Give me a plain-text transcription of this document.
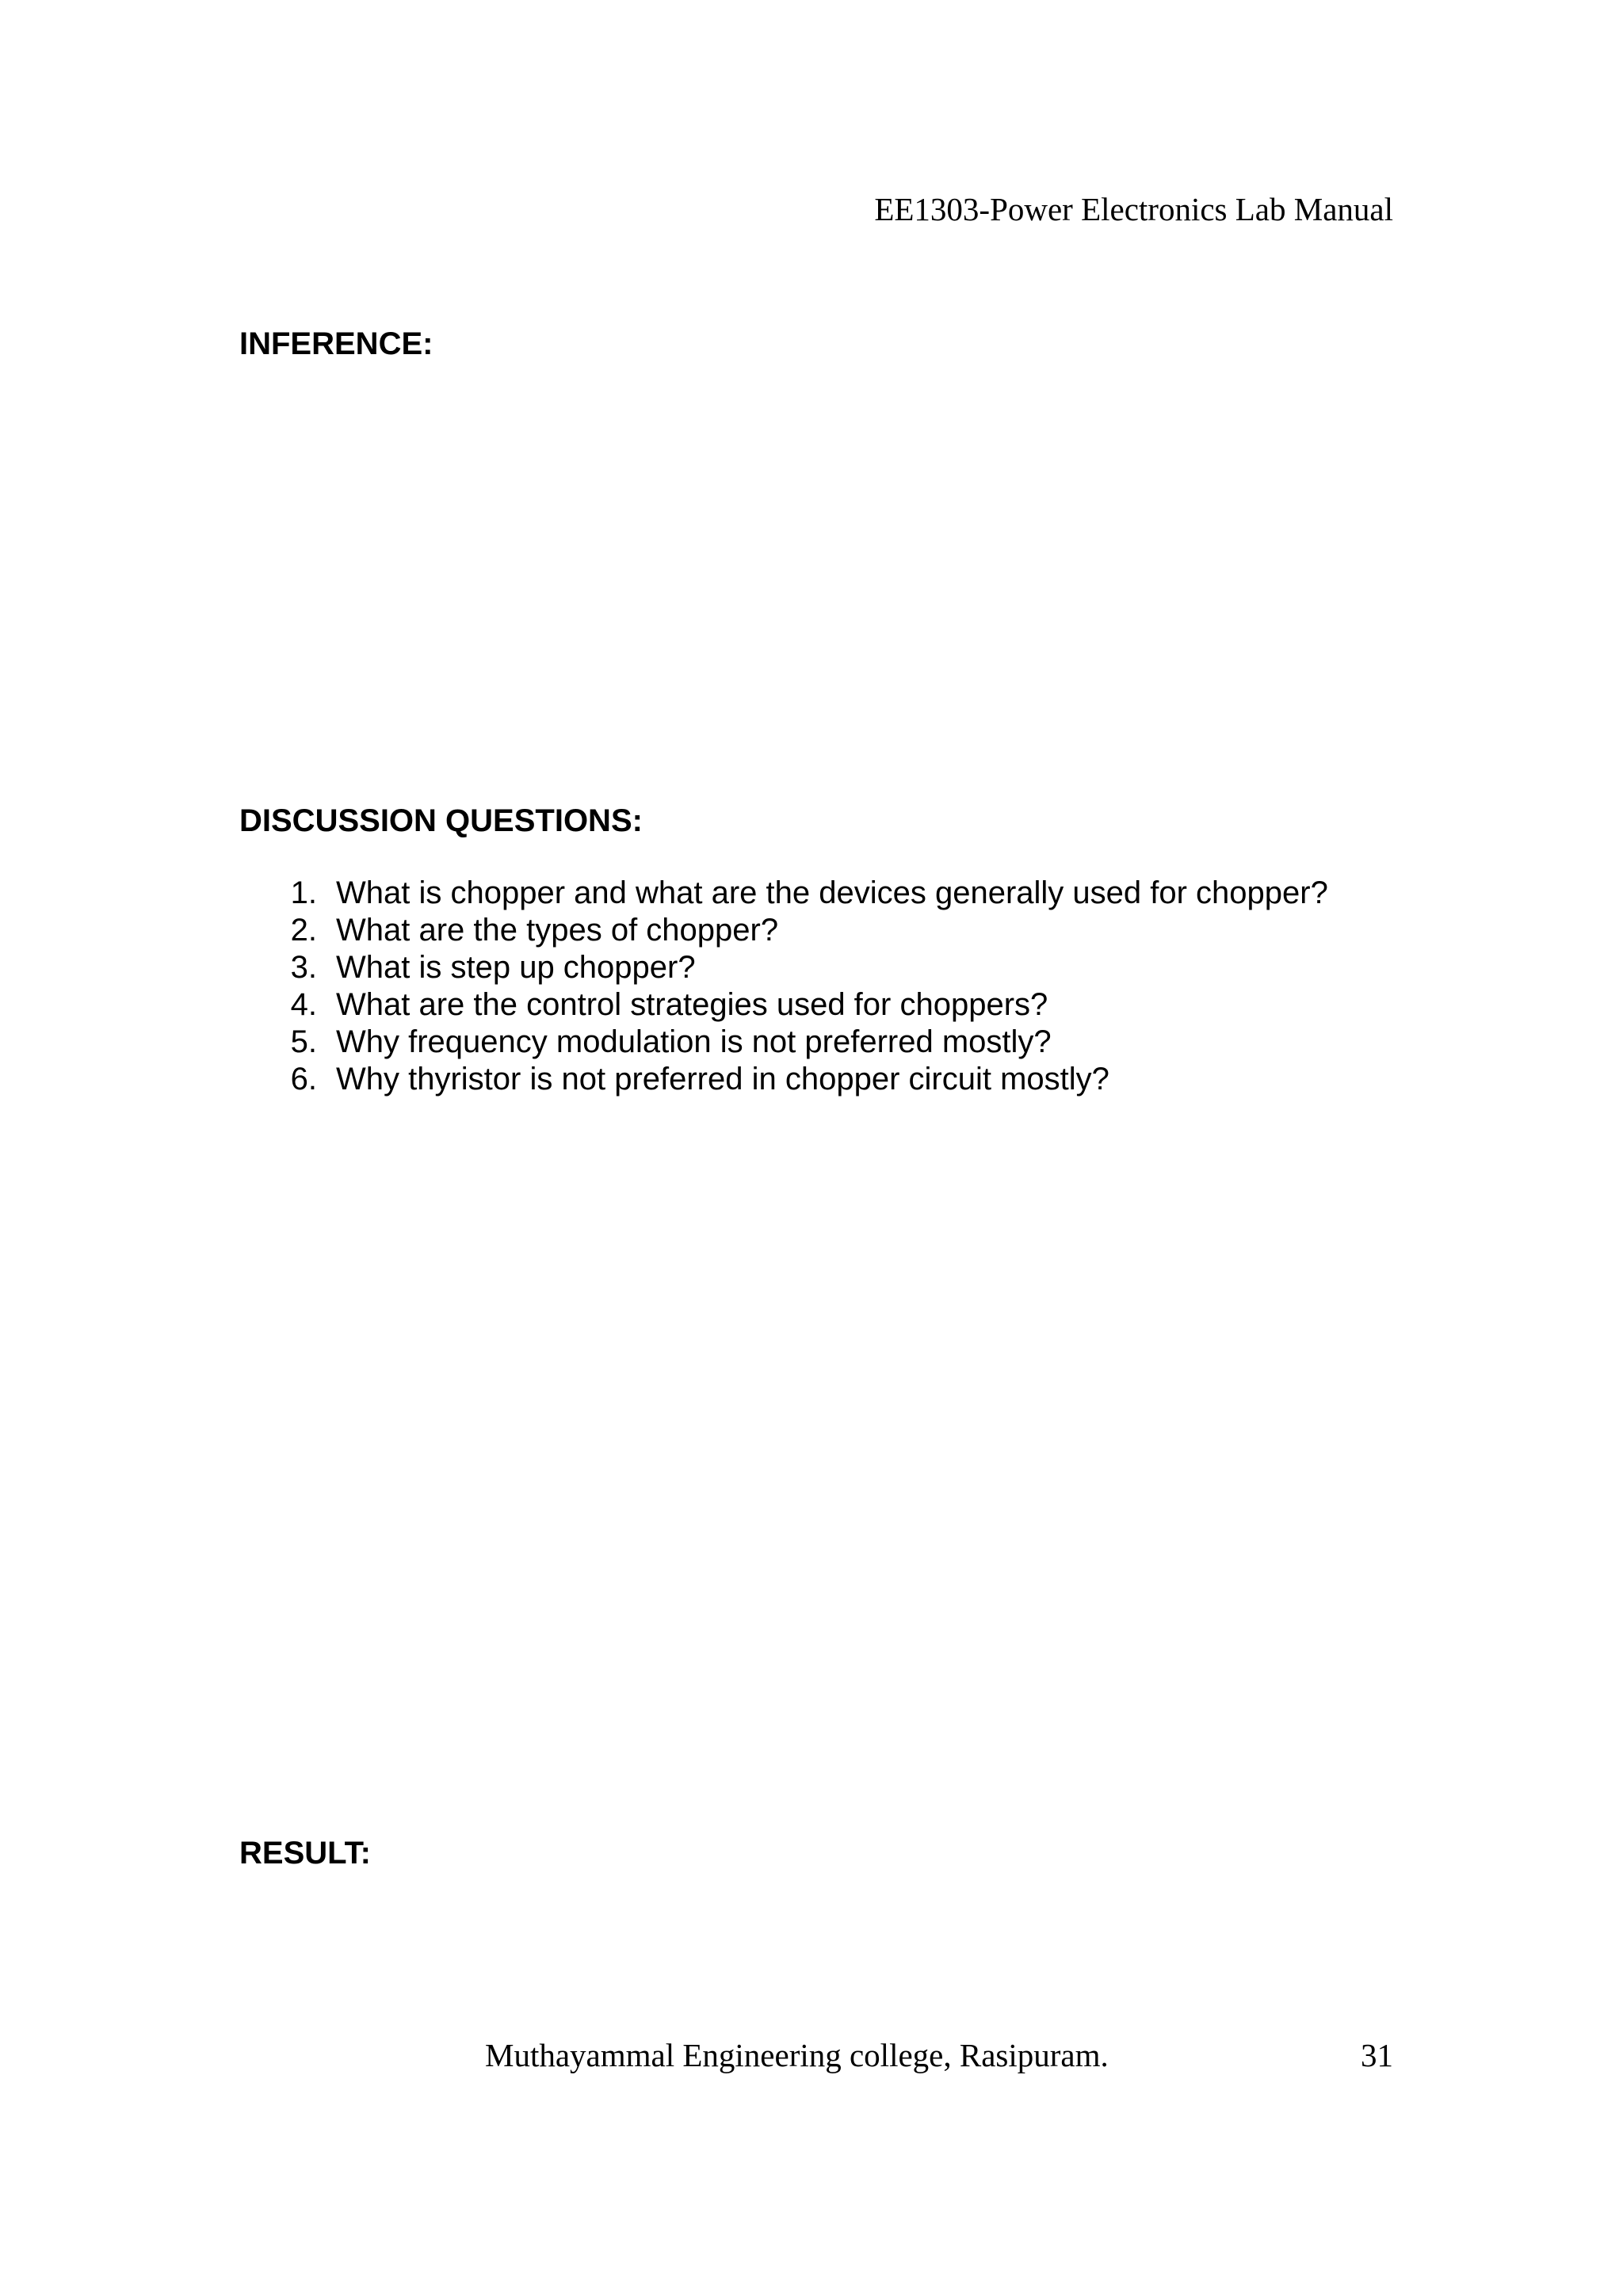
EE1303-Power Electronics Lab Manual
INFERENCE:
DISCUSSION QUESTIONS:
1. What is chopper and what are the devices generally used for chopper?
2. What are the types of chopper?
3. What is step up chopper?
4. What are the control strategies used for choppers?
5. Why frequency modulation is not preferred mostly?
6. Why thyristor is not preferred in chopper circuit mostly?
RESULT:
Muthayammal Engineering college, Rasipuram.	31
